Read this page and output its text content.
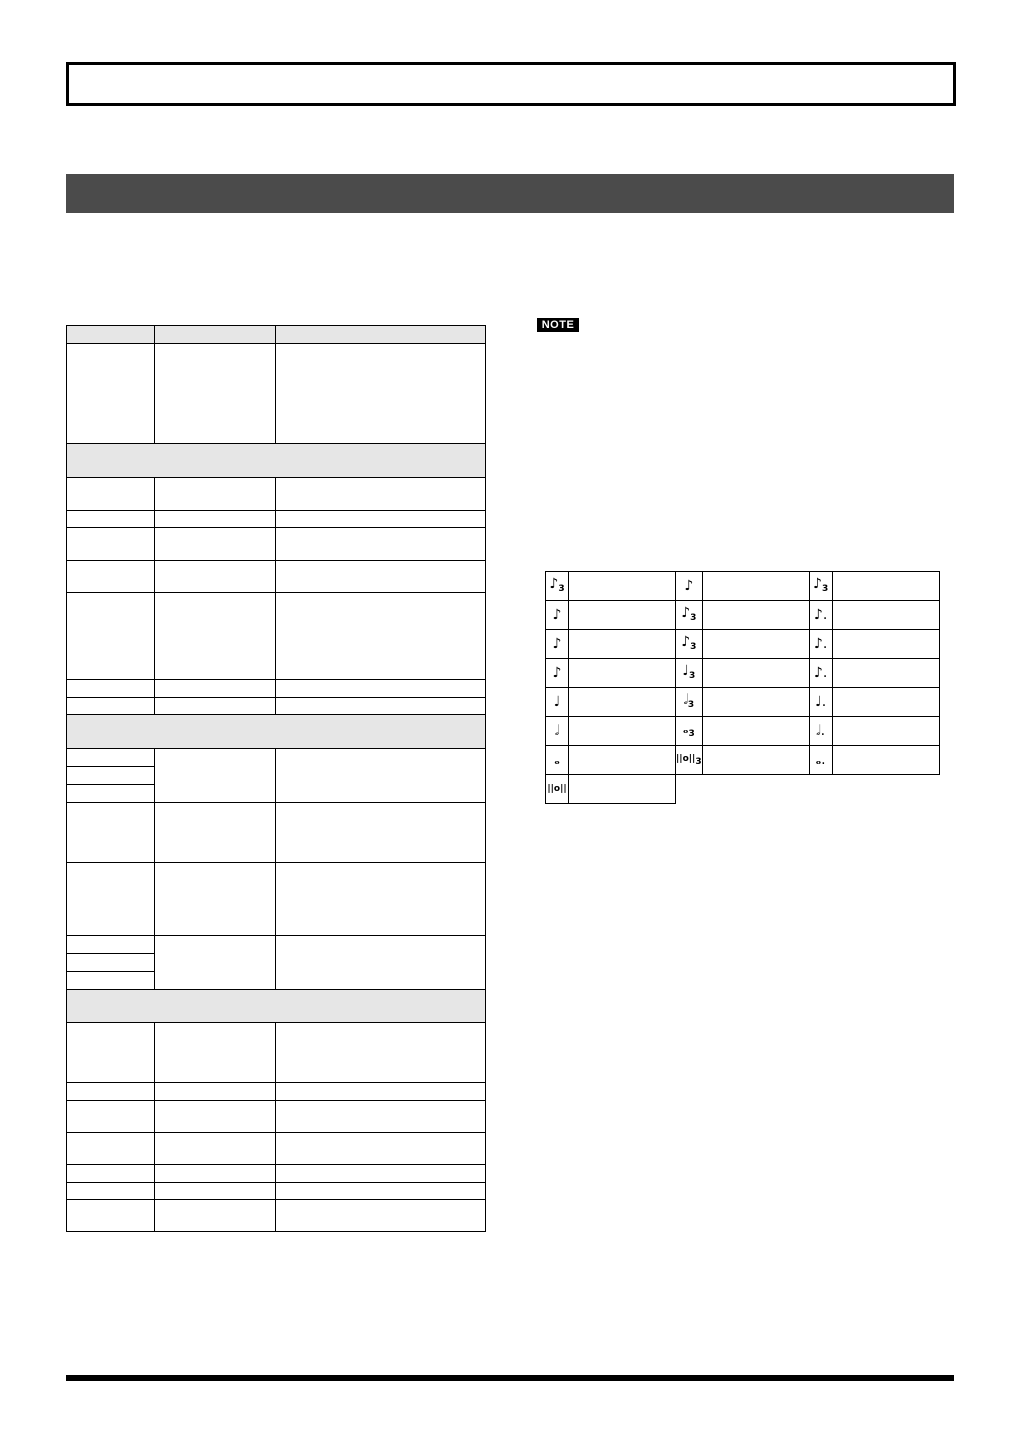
NOTE
$♪_3$		♪		$♪_3$	
♪		$♪_3$		♪.	
♪		$♪_3$		♪.	
♪		$♩_3$		♪.	
♩		$𝅗𝅥_3$		♩.	
𝅗𝅥		$𝅝_3$		𝅗𝅥.	
𝅝		||o||3		𝅝.	
||o||					
